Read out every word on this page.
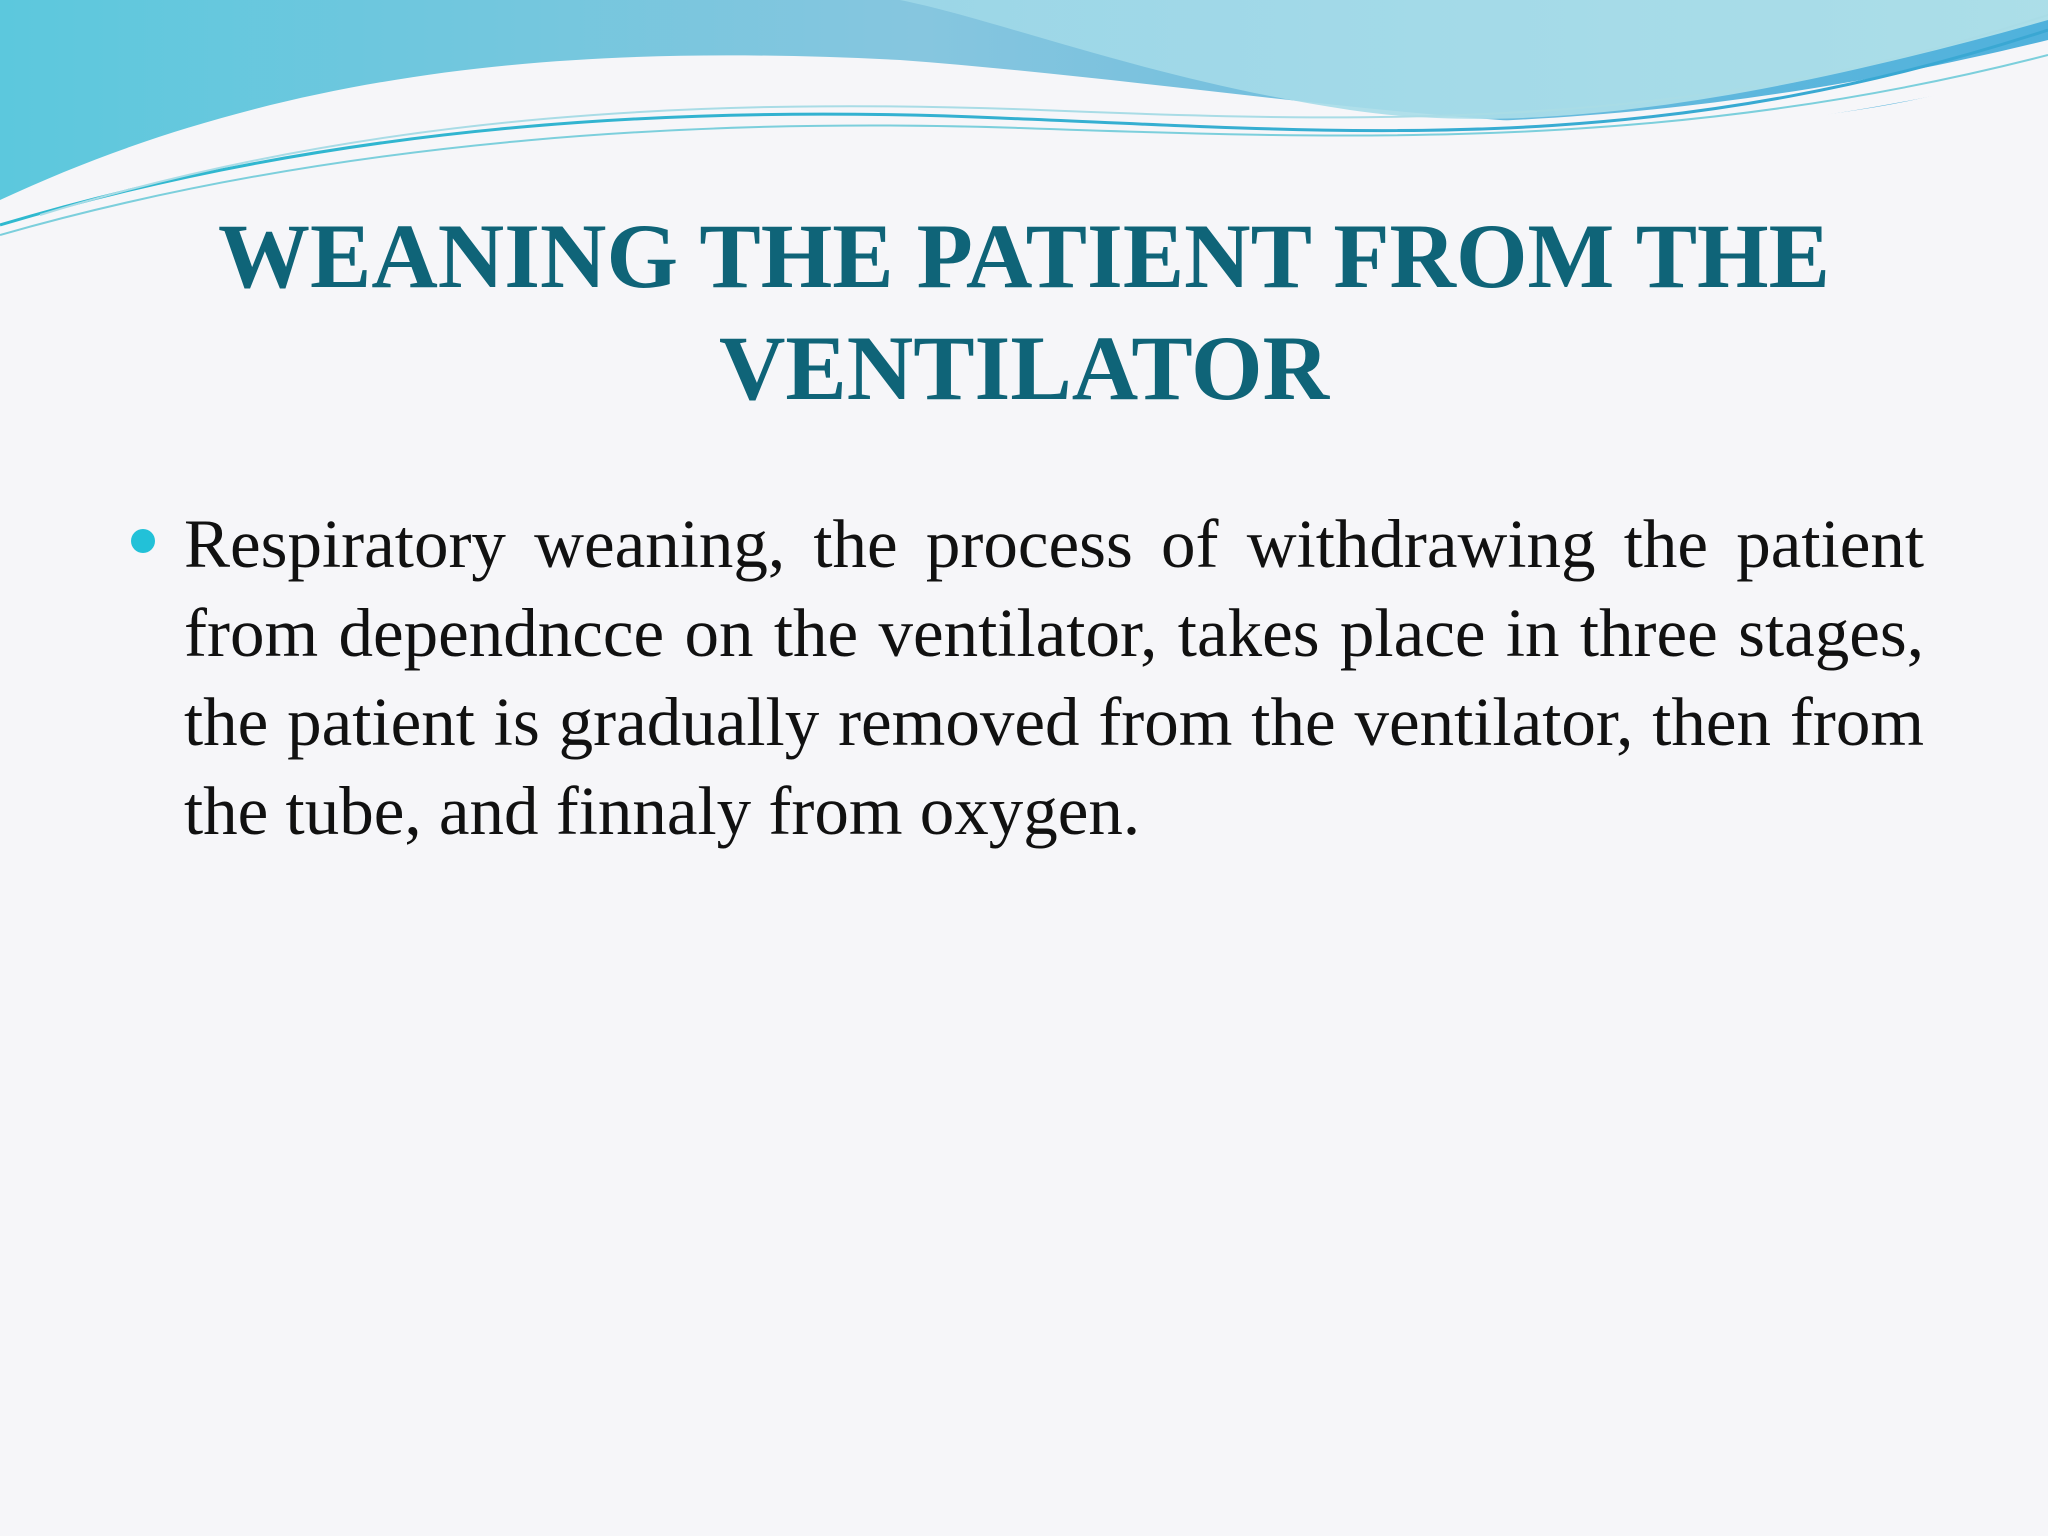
WEANING THE PATIENT FROM THE
VENTILATOR

Respiratory weaning, the process of withdrawing the patient from dependncce on the ventilator, takes place in three stages, the patient is gradually removed from the ventilator, then from the tube, and finnaly from oxygen.
